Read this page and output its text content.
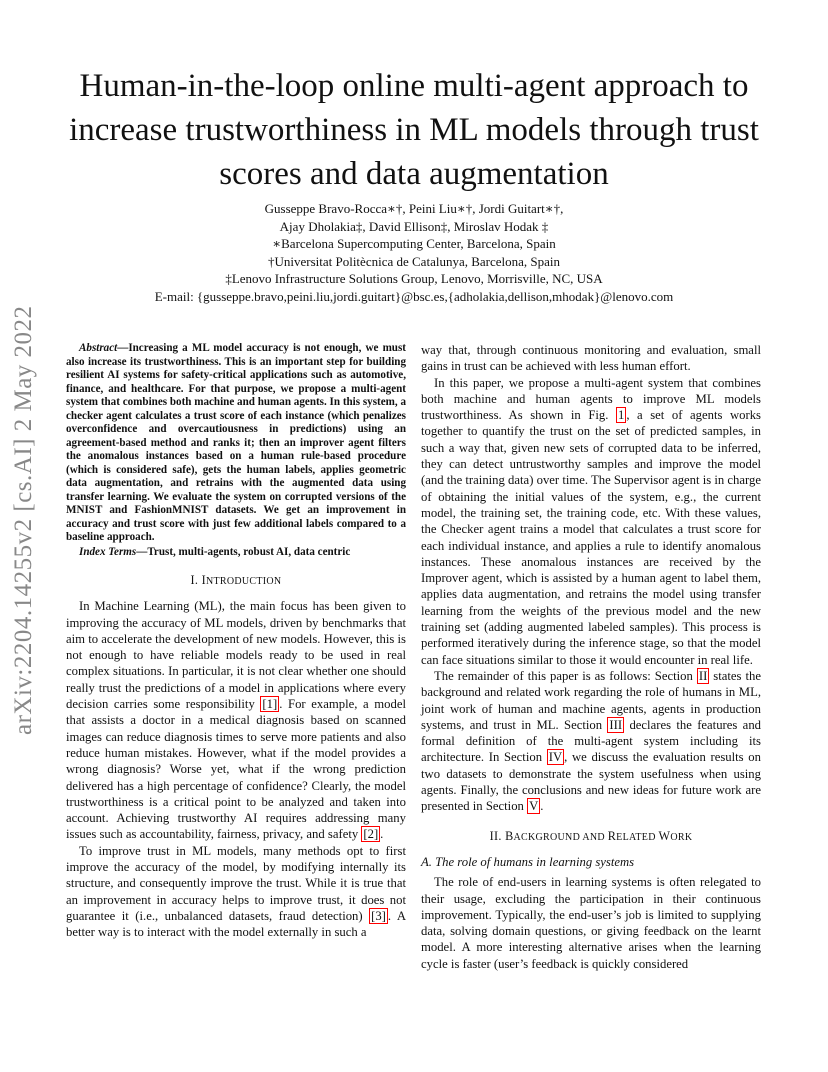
arXiv:2204.14255v2 [cs.AI] 2 May 2022
Human-in-the-loop online multi-agent approach to increase trustworthiness in ML models through trust scores and data augmentation
Gusseppe Bravo-Rocca∗†, Peini Liu∗†, Jordi Guitart∗†,
Ajay Dholakia‡, David Ellison‡, Miroslav Hodak ‡
∗Barcelona Supercomputing Center, Barcelona, Spain
†Universitat Politècnica de Catalunya, Barcelona, Spain
‡Lenovo Infrastructure Solutions Group, Lenovo, Morrisville, NC, USA
E-mail: {gusseppe.bravo,peini.liu,jordi.guitart}@bsc.es,{adholakia,dellison,mhodak}@lenovo.com

Abstract—Increasing a ML model accuracy is not enough, we must also increase its trustworthiness. This is an important step for building resilient AI systems for safety-critical applications such as automotive, finance, and healthcare. For that purpose, we propose a multi-agent system that combines both machine and human agents. In this system, a checker agent calculates a trust score of each instance (which penalizes overconfidence and overcautiousness in predictions) using an agreement-based method and ranks it; then an improver agent filters the anomalous instances based on a human rule-based procedure (which is considered safe), gets the human labels, applies geometric data augmentation, and retrains with the augmented data using transfer learning. We evaluate the system on corrupted versions of the MNIST and FashionMNIST datasets. We get an improvement in accuracy and trust score with just few additional labels compared to a baseline approach.

Index Terms—Trust, multi-agents, robust AI, data centric

I. INTRODUCTION

In Machine Learning (ML), the main focus has been given to improving the accuracy of ML models, driven by benchmarks that aim to accelerate the development of new models. However, this is not enough to have reliable models ready to be used in real complex situations. In particular, it is not clear whether one should really trust the predictions of a model in applications where every decision carries some responsibility [1] . For example, a model that assists a doctor in a medical diagnosis based on scanned images can reduce diagnosis times to serve more patients and also reduce human mistakes. However, what if the model provides a wrong diagnosis? Worse yet, what if the wrong prediction delivered has a high percentage of confidence? Clearly, the model trustworthiness is a critical point to be analyzed and taken into account. Achieving trustworthy AI requires addressing many issues such as accountability, fairness, privacy, and safety [2] .

To improve trust in ML models, many methods opt to first improve the accuracy of the model, by modifying internally its structure, and consequently improve the trust. While it is true that an improvement in accuracy helps to improve trust, it does not guarantee it (i.e., unbalanced datasets, fraud detection) [3] . A better way is to interact with the model externally in such a

way that, through continuous monitoring and evaluation, small gains in trust can be achieved with less human effort.

In this paper, we propose a multi-agent system that combines both machine and human agents to improve ML models trustworthiness. As shown in Fig. 1 , a set of agents works together to quantify the trust on the set of predicted samples, in such a way that, given new sets of corrupted data to be inferred, they can detect untrustworthy samples and improve the model (and the training data) over time. The Supervisor agent is in charge of obtaining the initial values of the system, e.g., the current model, the training set, the training code, etc. With these values, the Checker agent trains a model that calculates a trust score for each individual instance, and applies a rule to identify anomalous instances. These anomalous instances are received by the Improver agent, which is assisted by a human agent to label them, applies data augmentation, and retrains the model using transfer learning from the weights of the previous model and the new training set (adding augmented labeled samples). This process is performed iteratively during the inference stage, so that the model can face situations similar to those it would encounter in real life.

The remainder of this paper is as follows: Section II states the background and related work regarding the role of humans in ML, joint work of human and machine agents, agents in production systems, and trust in ML. Section III declares the features and formal definition of the multi-agent system including its architecture. In Section IV , we discuss the evaluation results on two datasets to demonstrate the system usefulness when using agents. Finally, the conclusions and new ideas for future work are presented in Section V .

II. BACKGROUND AND RELATED WORK

A. The role of humans in learning systems

The role of end-users in learning systems is often relegated to their usage, excluding the participation in their continuous improvement. Typically, the end-user’s job is limited to supplying data, solving domain questions, or giving feedback on the learnt model. A more interesting alternative arises when the learning cycle is faster (user’s feedback is quickly considered
